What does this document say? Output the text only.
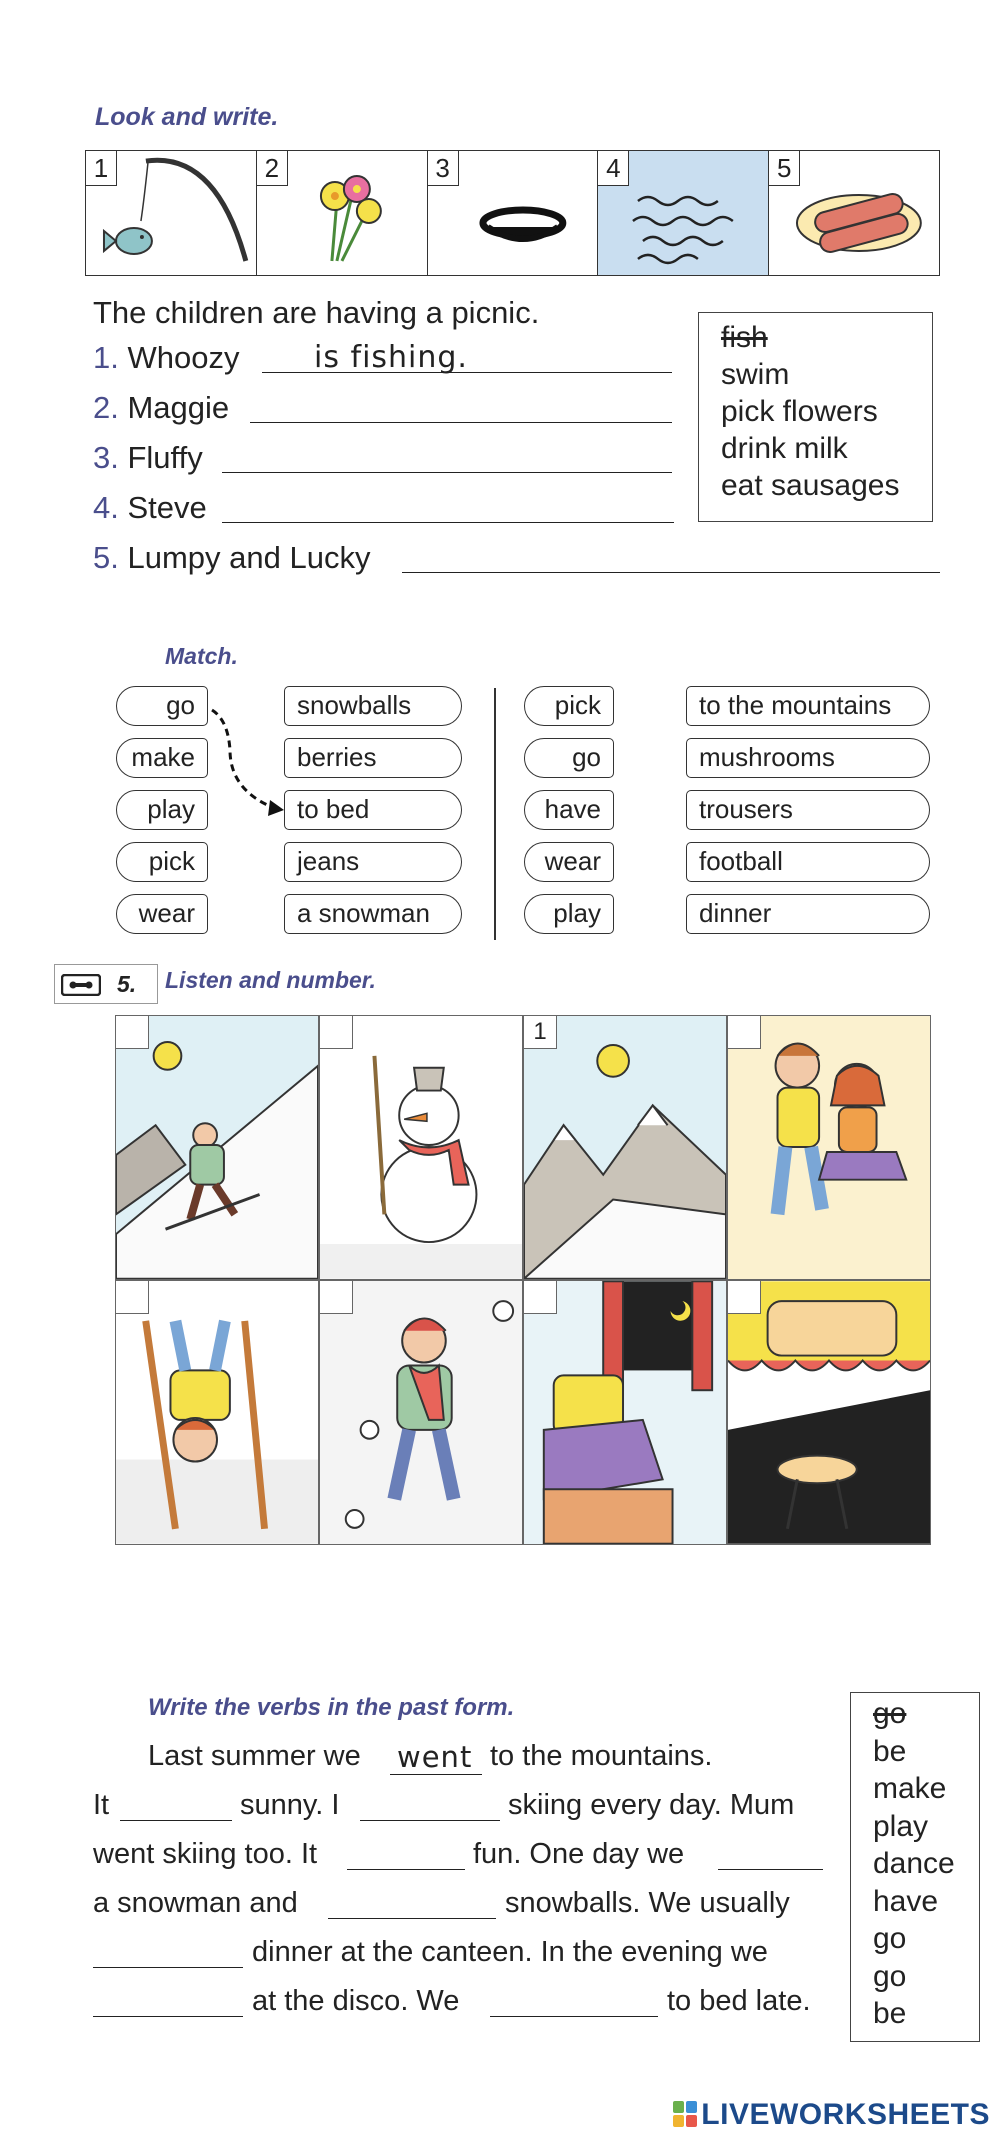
Look and write.
1	2	3	4	5
The children are having a picnic.
1. Whoozy is fishing.
2. Maggie
3. Fluffy
4. Steve
5. Lumpy and Lucky
fish
swim
pick flowers
drink milk
eat sausages
Match.
go
make
play
pick
wear
snowballs
berries
to bed
jeans
a snowman
pick
go
have
wear
play
to the mountains
mushrooms
trousers
football
dinner
5. Listen and number.
1
Write the verbs in the past form.
Last summer we went to the mountains.
It	sunny. I	skiing every day. Mum
went skiing too. It	fun. One day we
a snowman and	snowballs. We usually
dinner at the canteen. In the evening we
at the disco. We	to bed late.
go
be
make
play
dance
have
go
go
be
LIVEWORKSHEETS
